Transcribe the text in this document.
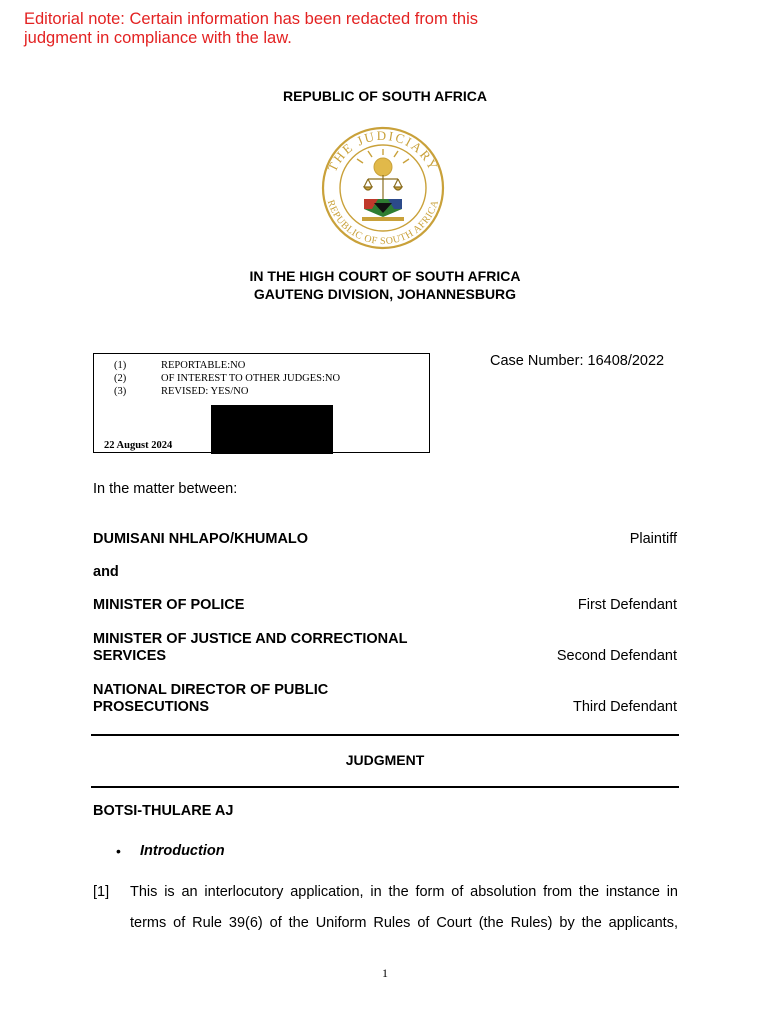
Editorial note: Certain information has been redacted from this
judgment in compliance with the law.
REPUBLIC OF SOUTH AFRICA
THE JUDICIARY
REPUBLIC OF SOUTH AFRICA
IN THE HIGH COURT OF SOUTH AFRICA
GAUTENG DIVISION, JOHANNESBURG
(1)	REPORTABLE:NO
(2)	OF INTEREST TO OTHER JUDGES:NO
(3)	REVISED: YES/NO
22 August 2024
Case Number: 16408/2022
In the matter between:
DUMISANI NHLAPO/KHUMALO	Plaintiff
and
MINISTER OF POLICE	First Defendant
MINISTER OF JUSTICE AND CORRECTIONAL
SERVICES	Second Defendant
NATIONAL DIRECTOR OF PUBLIC
PROSECUTIONS	Third Defendant
JUDGMENT
BOTSI-THULARE AJ
• Introduction
[1] This is an interlocutory application, in the form of absolution from the instance in
terms of Rule 39(6) of the Uniform Rules of Court (the Rules) by the applicants,
1
